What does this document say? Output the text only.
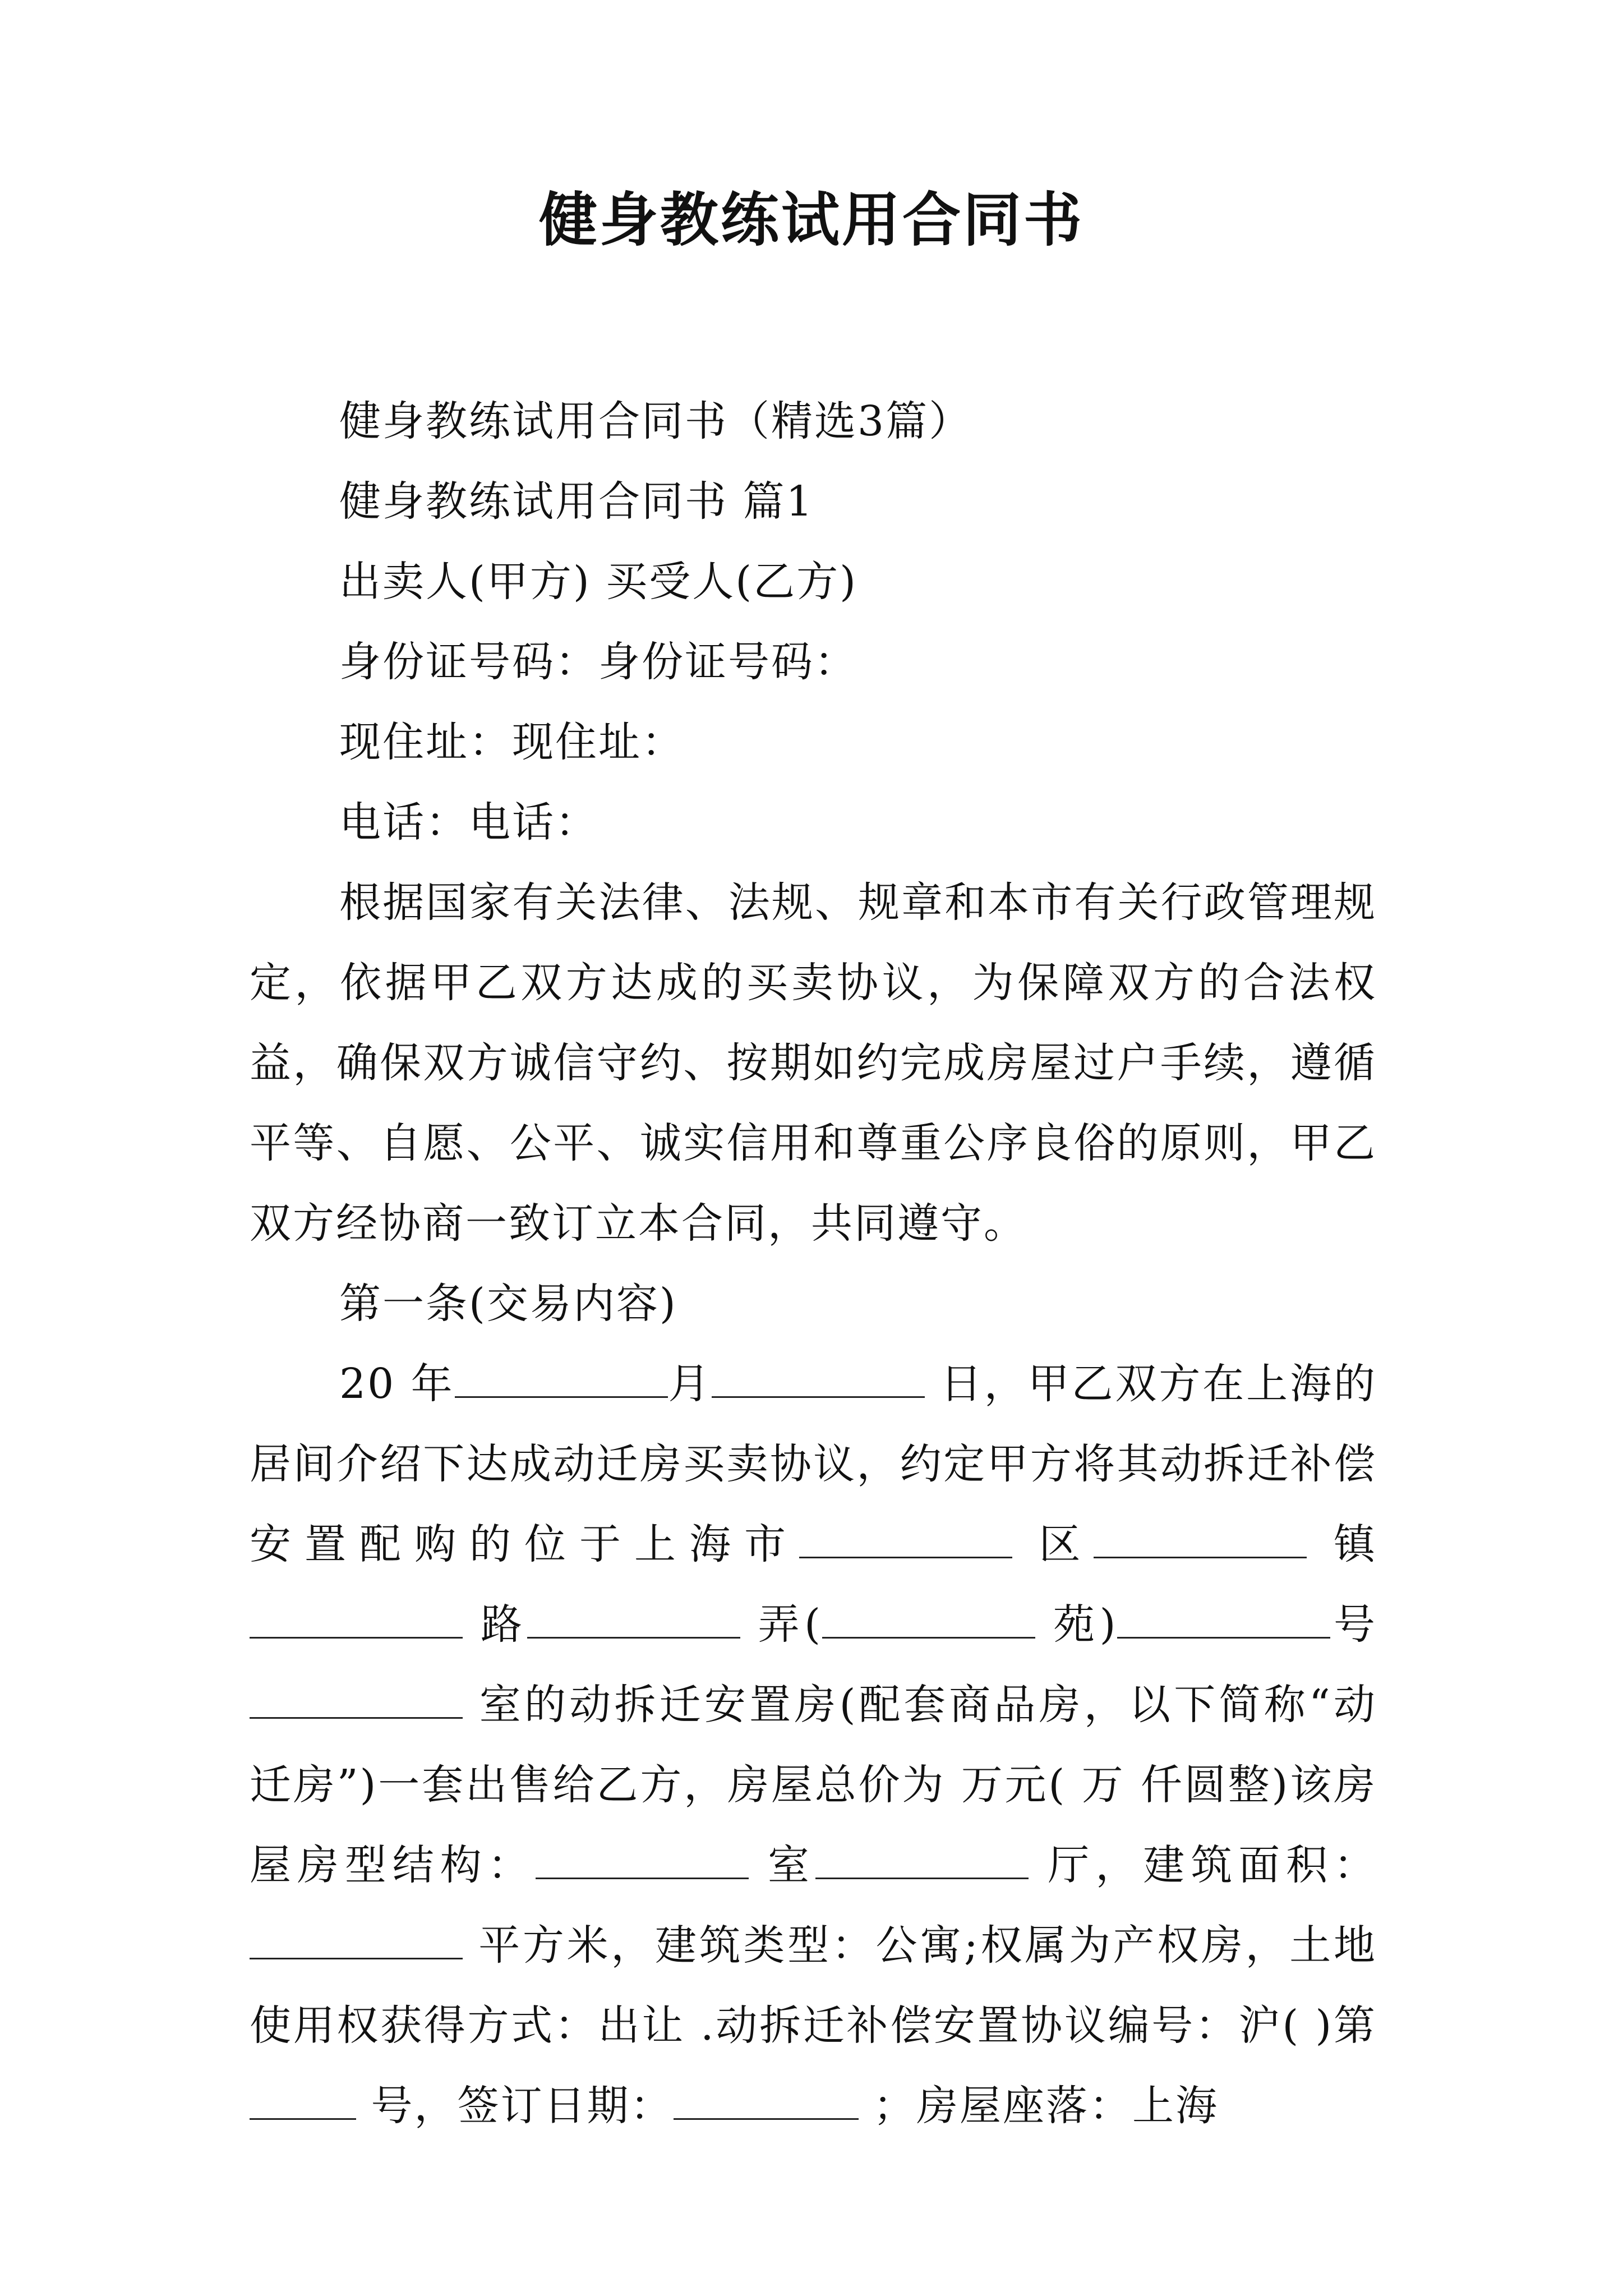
健身教练试用合同书

健身教练试用合同书（精选3篇）

健身教练试用合同书 篇1

出卖人(甲方) 买受人(乙方)

身份证号码：身份证号码：

现住址：现住址：

电话：电话：

根据国家有关法律、法规、规章和本市有关行政管理规定，依据甲乙双方达成的买卖协议，为保障双方的合法权益，确保双方诚信守约、按期如约完成房屋过户手续，遵循平等、自愿、公平、诚实信用和尊重公序良俗的原则，甲乙双方经协商一致订立本合同，共同遵守。

第一条(交易内容)

20 年	月	日，甲乙双方在上海的居间介绍下达成动迁房买卖协议，约定甲方将其动拆迁补偿安置配购的位于上海市	区	镇 路	弄(	苑)	号 室的动拆迁安置房(配套商品房，以下简称“动迁房”)一套出售给乙方，房屋总价为 万元( 万 仟圆整)该房屋房型结构：	室	厅，建筑面积： 平方米，建筑类型：公寓;权属为产权房，土地使用权获得方式：出让 .动拆迁补偿安置协议编号：沪( )第 号，签订日期：	；房屋座落：上海
